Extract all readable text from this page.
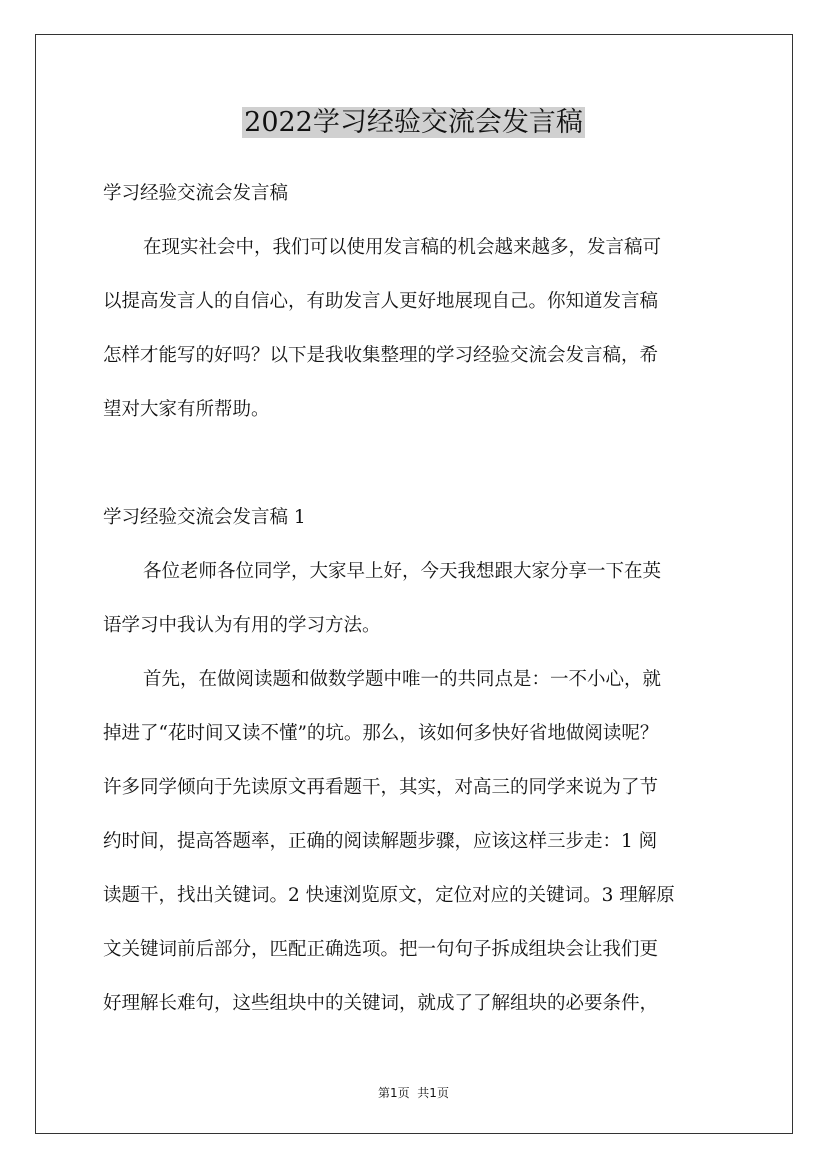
2022学习经验交流会发言稿
学习经验交流会发言稿
在现实社会中，我们可以使用发言稿的机会越来越多，发言稿可
以提高发言人的自信心，有助发言人更好地展现自己。你知道发言稿
怎样才能写的好吗？以下是我收集整理的学习经验交流会发言稿，希
望对大家有所帮助。
学习经验交流会发言稿 1
各位老师各位同学，大家早上好，今天我想跟大家分享一下在英
语学习中我认为有用的学习方法。
首先，在做阅读题和做数学题中唯一的共同点是：一不小心，就
掉进了“花时间又读不懂”的坑。那么，该如何多快好省地做阅读呢？
许多同学倾向于先读原文再看题干，其实，对高三的同学来说为了节
约时间，提高答题率，正确的阅读解题步骤，应该这样三步走：1 阅
读题干，找出关键词。2 快速浏览原文，定位对应的关键词。3 理解原
文关键词前后部分，匹配正确选项。把一句句子拆成组块会让我们更
好理解长难句，这些组块中的关键词，就成了了解组块的必要条件，
第1页  共1页
